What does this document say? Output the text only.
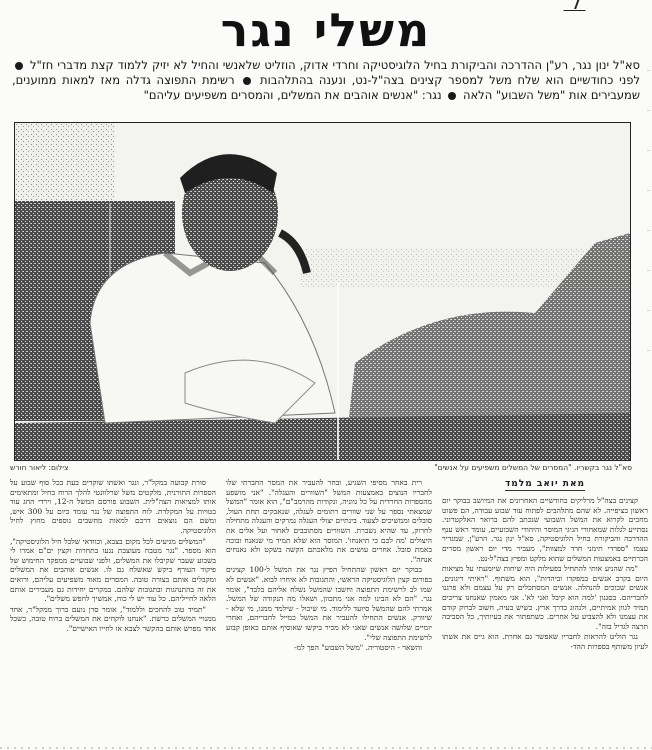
משלי נגר

סא"ל ינון נגר, רע"ן ההדרכה והביקורת בחיל הלוגיסטיקה וחרדי אדוק, הוזליט שלאנשי והחיל לא יזיק ללמוד קצת מדברי חז"ל  לפני כחודשיים הוא שלח משל למספר קצינים בצה"ל-נט, ונענה בהתלהבות  רשימת התפוצה גדלה מאז למאות ממוענים, שמעבירים אות "משל השבוע" הלאה  נגר: "אנשים אוהבים את המשלים, והמסרים משפיעים עליהם"

סא"ל נגר בקשריו. "המסרים של המשלים משפיעים על אנשים"
צילום: ליאור חורש
מאת יואב מלמד

קצינים בצה"ל מרליקים בחודשיים האחרונים את המיושב בבוקר יום ראשון בציפייה. לא שהם מתלהבים לפתוח עוד שבוע עבודה, הם פשוט מחכים לקרוא את המשל השבועי שנכתב להם ברואר האלקטרוני. נסתייע לגלות שמאחורי הגיגי המוסר והיהודי השבועיים, עומד ראש ענף ההדרכה והביקורת בחיל הלוגיסטיקה, סא"ל ינון נגר. הרע"ן, שמגדיר עצמו "ספרדי תימני חרד למצוות", מעביר מדי יום ראשון מסרים הכרתיים באמצעות המשלים שהוא מלקט ומפיץ בצה"ל-נט.

"מה שהניע אותי להתחיל בפעילות היה שיחות שיומעתי על מציאות היום בקרב אנשים במפקדו וביהדות", הוא משתוף. "ראיתי ריגונים, אנשים שכוכים להנהלה. אנשים המסתכלים רק על עצמם ולא פרגנו לחבריהם. בסגנון 'למה הוא קיבל ואני לא'. אני מאמין שאנחנו צריכים תמיד לגוון אמיתיים, ולנהוג כדרך ארץ. כשיש בעיה, חשוב לברוק קודם את עצמנו ולא להצביע על אחרים. כשתפתור את בעיותיך, כל הסביבה תרצה לגדיל בזה".

נגר הוליט להראות לחבריו שאפשר גם אחרת. הוא גייס את אשתו לעיון משותף בספרות ההד-

רית באחר מסיפי השגיע, ובחר להעביר את המסר החברתי שלו לחבריו הנוצים באמצעות המשל "השוורים והעגלה". "אני מושפע מהספרות החרדית על כל גווניה, ונקודות מהרמב"ם", הוא אומר "המשל שמצאתי נספר על שני שוורים רתומים לעגלה, שנאבקים תחת העול, סובלים וממשיכים לצעוד. בינתיים יצולי העגלה נמרקים והעגלה מתחילה לחרוק, עד שהיא נשברת. השוורים מסתובבים לאחור ועל אלים את היצולים 'מה לכם כי תיאנחו'. המוסר הוא שלא תמיד מי שנאנח ובוכה באמת סובל. אחרים עושים את מלאכתם הקשה בשקט ולא נאנחים אנחה".

בבוקר יום ראשון שהתחיל הפיץ נגר את המשל ל-100 קצינים בפורום קצין הלוגיסטיקה הראשי, והתגובות לא איחרו לבוא. "אנשים לא שמו לב לרשימת התפוצה וחשבו שהמשל נשלח אליהם בלבד", אומר נגר. "הם לא הבינו למה אני מתכוון, ושאלו מה הנקודה של המשל. אמרתי להם שהמשל סיועד ללימוד. מי שיכול - שילמד ממנו, מי שלא - שיוורק. אנשים התחילו להעביר את המשל כמייל לחבריהם, ואחרי יומיים שלושה אנשים שאני לא מכיר ביקשו שאוסיף אותם כאופן קבוע לרשימת התפוצה שלי".

והשאר - היסטוריה. "משל השבוע" הפך למ-

סורת קבועה במקל"ר, ונגר ואשתו שוקדים בעת בכל סוף שבוע על הספרות התורנית, מלקטים משל שרלוונטי להלך הרוח בחיל ומתאימים אותו למציאות הצה"לית. השבוע פורסם המשל ה-12, וירדי החג עוד בטויות על המקלדת. לוח התפוצה של נגר עומד כיום על 300 איש, ומשם הם נוצאים דרכם למאות מחשבים נוספים מחוץ לחיל הלוגיסטיקה.

"המשלים מגיעים לכל מקום בצבא, וכוודאי שלכל חיל הלוגיסטיקה", הוא מספר. "נגר מטבח מעוצבת נגעו בתחרות וקצין ים"ם אמרו לי בשבוע שעבר שקיבלו את המשלים, ולפני שבועיים ממפקד החימוש של פיקוד העורף ביקש שאשלח גם לו. אנשים אוהבים את המשלים ומקבלים אותם בצורה טובה. המסרים מאוד משפיעים עליהם, ורואים את זה בהתנהגות ובתגובות שלהם. במקרים יחידות גם מעבירים אותם הלאה לחייליהם. כל עוד יש לי כוח, אמשיך לחפש משלים".

"תמיד טוב להחכים וללמוד", אומר סרן נועם ברוך ממקל"ר, אחד ממנויי המשלים כרשת. "אנחנו לוקחים את המשלים ברוח טובה, כשכל אחד מפרש אותם בהקשר לצבא או לחייו האישיים".
